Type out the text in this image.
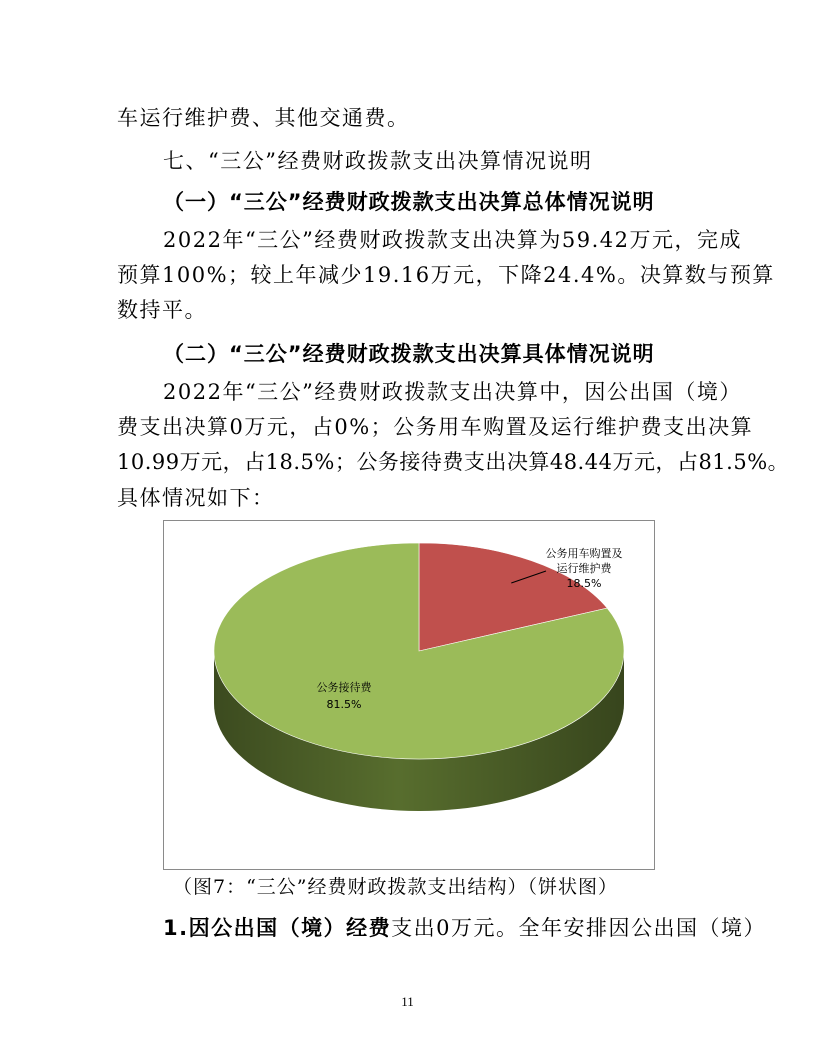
车运行维护费、其他交通费。
七、“三公”经费财政拨款支出决算情况说明
（一）“三公”经费财政拨款支出决算总体情况说明
2022年“三公”经费财政拨款支出决算为59.42万元，完成
预算100%；较上年减少19.16万元，下降24.4%。决算数与预算
数持平。
（二）“三公”经费财政拨款支出决算具体情况说明
2022年“三公”经费财政拨款支出决算中，因公出国（境）
费支出决算0万元，占0%；公务用车购置及运行维护费支出决算
10.99万元，占18.5%；公务接待费支出决算48.44万元，占81.5%。
具体情况如下：
公务用车购置及
运行维护费
18.5%
公务接待费
81.5%
（图7：“三公”经费财政拨款支出结构）（饼状图）
1.因公出国（境）经费支出0万元。全年安排因公出国（境）
11
